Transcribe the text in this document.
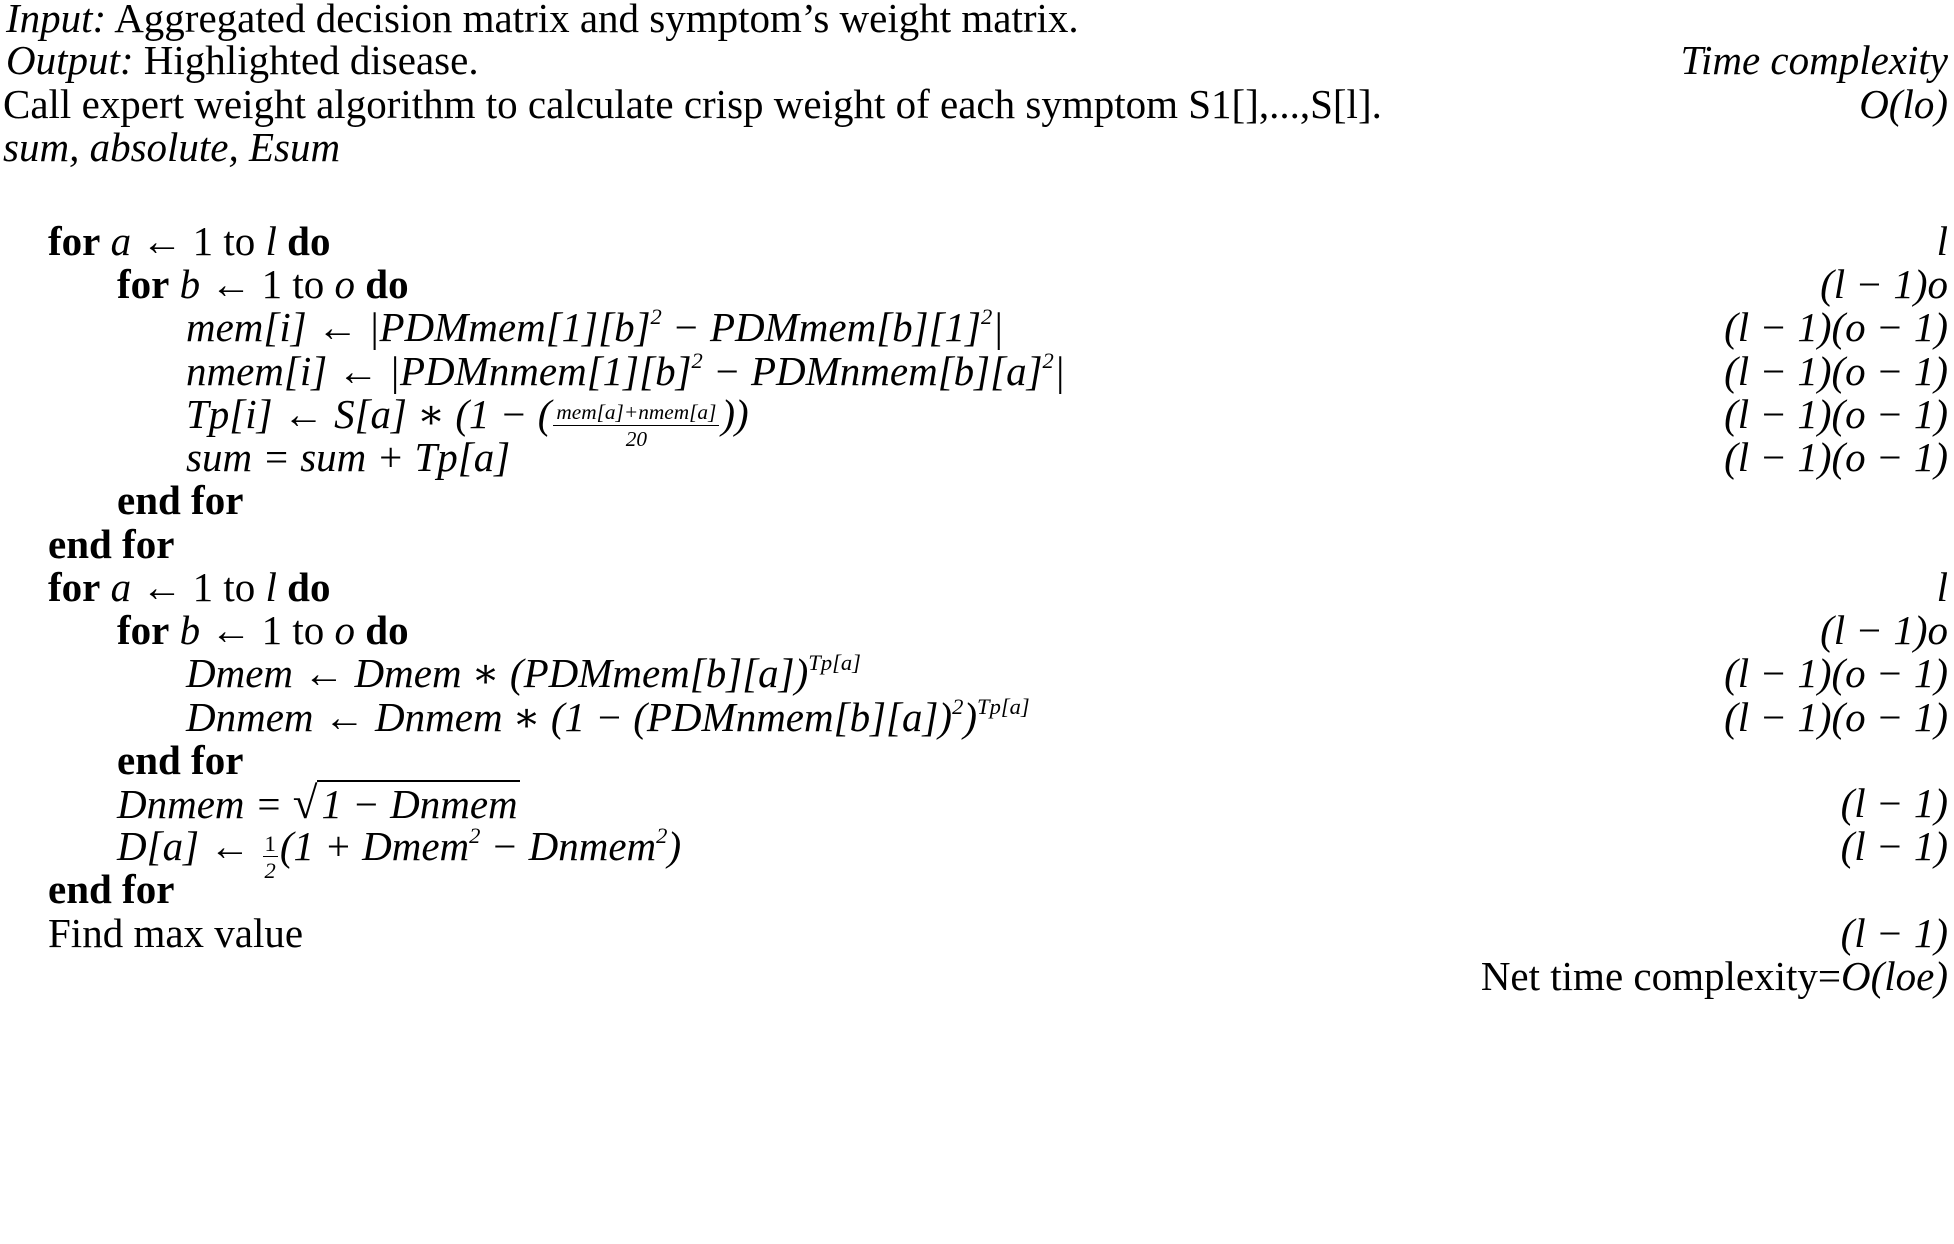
Input: Aggregated decision matrix and symptom’s weight matrix.
Output: Highlighted disease.	Time complexity
Call expert weight algorithm to calculate crisp weight of each symptom S1[],...,S[l].	O(lo)
sum, absolute, Esum
for a ← 1 to l do	l
for b ← 1 to o do	(l − 1)o
mem[i] ← $|PDMmem[1][b]^2$ − $PDMmem[b][1]^2|$	(l − 1)(o − 1)
nmem[i] ← $|PDMnmem[1][b]^2$ − $PDMnmem[b][a]^2|$	(l − 1)(o − 1)
Tp[i] ← S[a] ∗ (1 − ( $\frac{\text{mem[a]+nmem[a]}}{20}$ ))	(l − 1)(o − 1)
sum = sum + Tp[a]	(l − 1)(o − 1)
end for
end for
for a ← 1 to l do	l
for b ← 1 to o do	(l − 1)o
Dmem ← Dmem ∗ (PDMmem[b][a])$^{Tp[a]}$	(l − 1)(o − 1)
Dnmem ← Dnmem ∗ (1 − (PDMnmem[b][a])$^2$)$^{Tp[a]}$	(l − 1)(o − 1)
end for
Dnmem = √1 − Dnmem	(l − 1)
D[a] ← $\frac{1}{2} (1$ + Dmem$^2$ − Dnmem$^2$)	(l − 1)
end for
Find max value	(l − 1)
Net time complexity=O(loe)
